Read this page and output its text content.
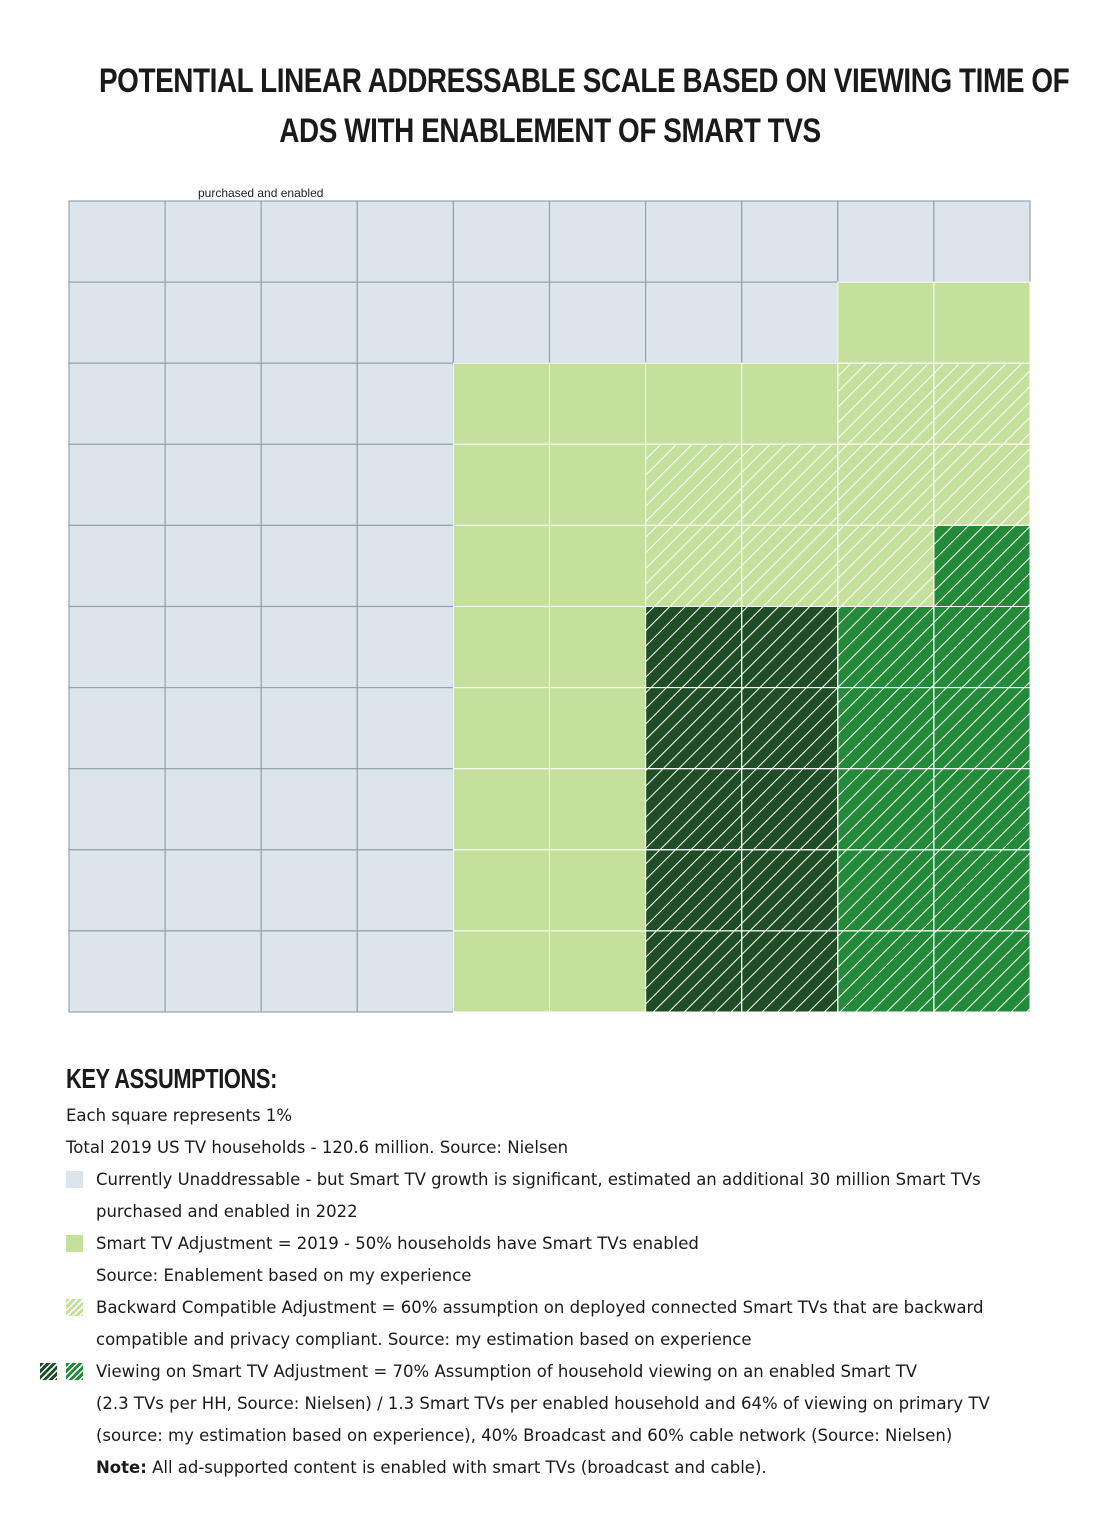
POTENTIAL LINEAR ADDRESSABLE SCALE BASED ON VIEWING TIME OF
ADS WITH ENABLEMENT OF SMART TVS
purchased and enabled
KEY ASSUMPTIONS:
Each square represents 1%
Total 2019 US TV households - 120.6 million. Source: Nielsen
Currently Unaddressable - but Smart TV growth is significant, estimated an additional 30 million Smart TVs
purchased and enabled in 2022
Smart TV Adjustment = 2019 - 50% households have Smart TVs enabled
Source: Enablement based on my experience
Backward Compatible Adjustment = 60% assumption on deployed connected Smart TVs that are backward
compatible and privacy compliant. Source: my estimation based on experience
Viewing on Smart TV Adjustment = 70% Assumption of household viewing on an enabled Smart TV
(2.3 TVs per HH, Source: Nielsen) / 1.3 Smart TVs per enabled household and 64% of viewing on primary TV
(source: my estimation based on experience), 40% Broadcast and 60% cable network (Source: Nielsen)
Note: All ad-supported content is enabled with smart TVs (broadcast and cable).
